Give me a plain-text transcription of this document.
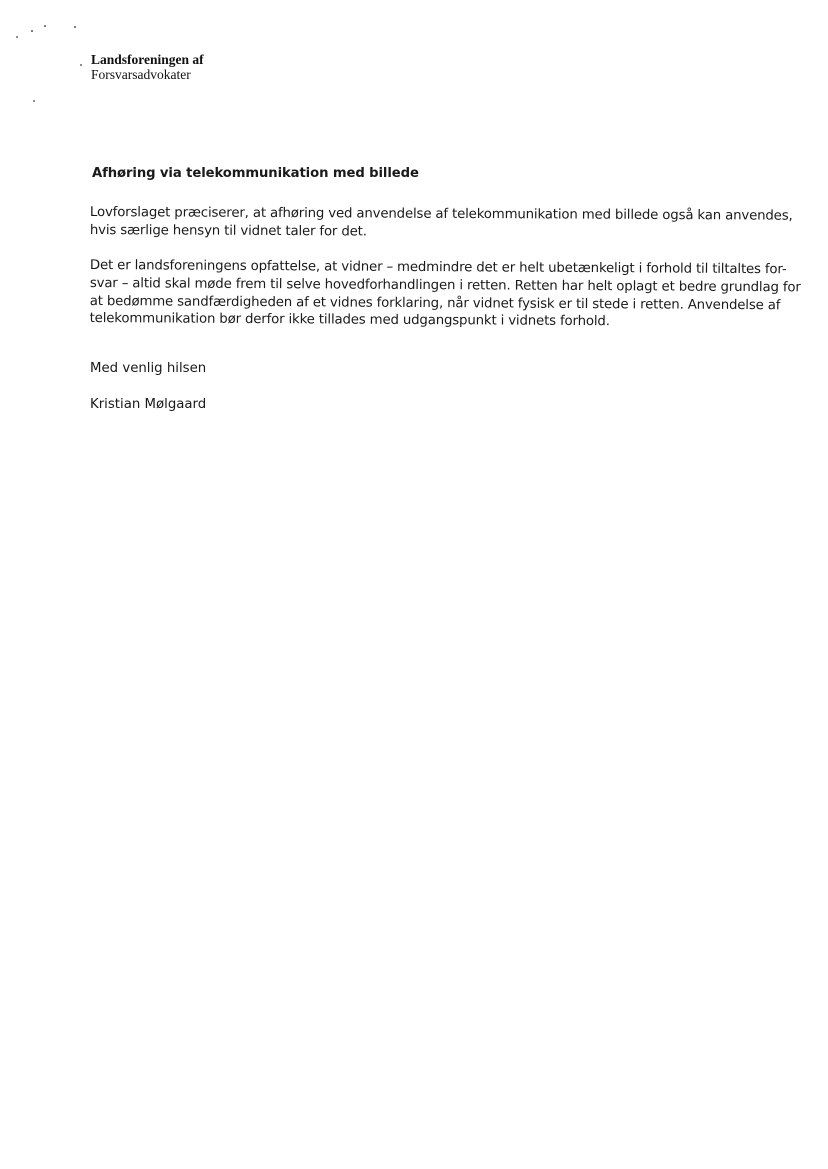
Landsforeningen af
Forsvarsadvokater
Afhøring via telekommunikation med billede
Lovforslaget præciserer, at afhøring ved anvendelse af telekommunikation med billede også kan anvendes,
hvis særlige hensyn til vidnet taler for det.
Det er landsforeningens opfattelse, at vidner – medmindre det er helt ubetænkeligt i forhold til tiltaltes for-
svar – altid skal møde frem til selve hovedforhandlingen i retten. Retten har helt oplagt et bedre grundlag for
at bedømme sandfærdigheden af et vidnes forklaring, når vidnet fysisk er til stede i retten. Anvendelse af
telekommunikation bør derfor ikke tillades med udgangspunkt i vidnets forhold.
Med venlig hilsen
Kristian Mølgaard
